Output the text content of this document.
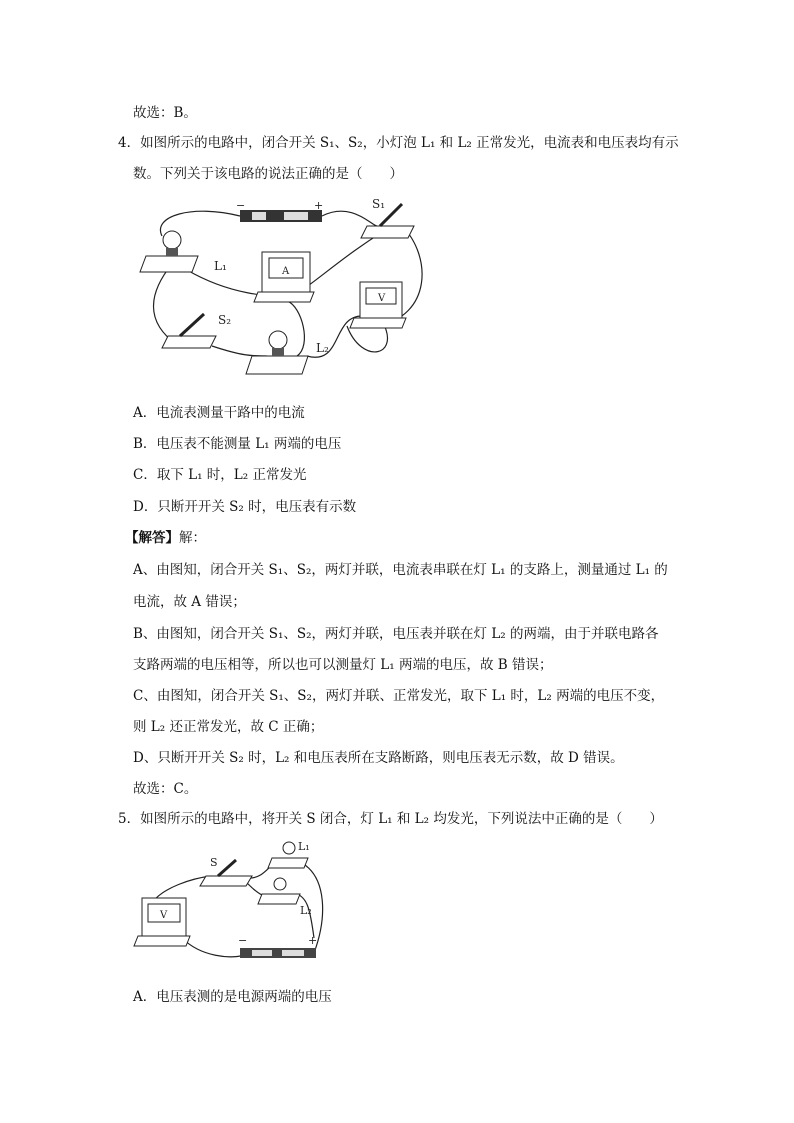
故选：B。
4．如图所示的电路中，闭合开关 S₁、S₂，小灯泡 L₁ 和 L₂ 正常发光，电流表和电压表均有示
数。下列关于该电路的说法正确的是（　　）
−	+	S₁
L₁	A
V
S₂
L₂
A．电流表测量干路中的电流
B．电压表不能测量 L₁ 两端的电压
C．取下 L₁ 时，L₂ 正常发光
D．只断开开关 S₂ 时，电压表有示数
【解答】解：
A、由图知，闭合开关 S₁、S₂，两灯并联，电流表串联在灯 L₁ 的支路上，测量通过 L₁ 的
电流，故 A 错误；
B、由图知，闭合开关 S₁、S₂，两灯并联，电压表并联在灯 L₂ 的两端，由于并联电路各
支路两端的电压相等，所以也可以测量灯 L₁ 两端的电压，故 B 错误；
C、由图知，闭合开关 S₁、S₂，两灯并联、正常发光，取下 L₁ 时，L₂ 两端的电压不变，
则 L₂ 还正常发光，故 C 正确；
D、只断开开关 S₂ 时，L₂ 和电压表所在支路断路，则电压表无示数，故 D 错误。
故选：C。
5．如图所示的电路中，将开关 S 闭合，灯 L₁ 和 L₂ 均发光，下列说法中正确的是（　　）
S
L₁
L₂
V
−	+
A．电压表测的是电源两端的电压
